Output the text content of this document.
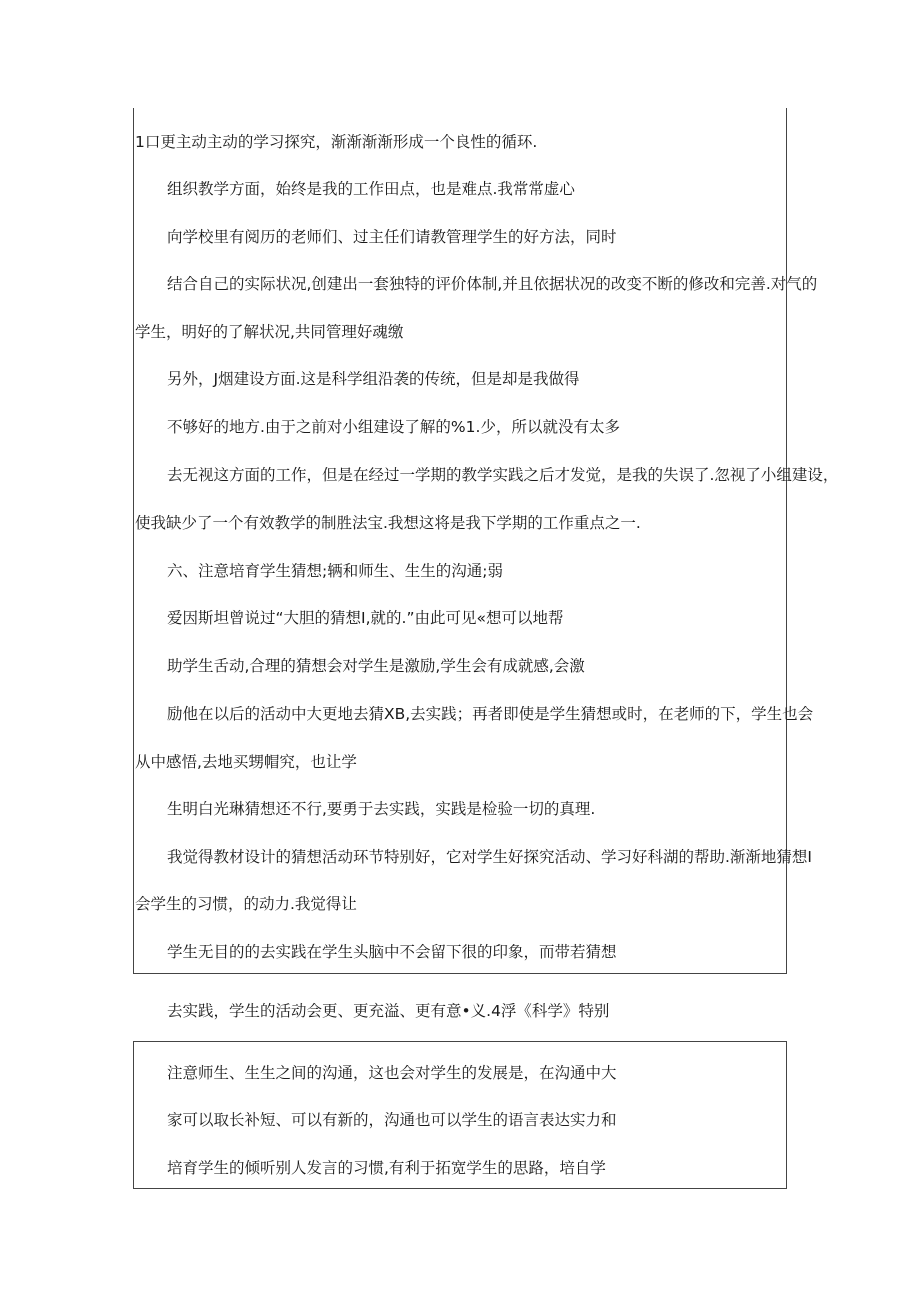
1口更主动主动的学习探究，渐渐渐渐形成一个良性的循环.
组织教学方面，始终是我的工作田点，也是难点.我常常虚心
向学校里有阅历的老师们、过主任们请教管理学生的好方法，同时
结合自己的实际状况,创建出一套独特的评价体制,并且依据状况的改变不断的修改和完善.对气的
学生，明好的了解状况,共同管理好魂缴
另外，J烟建设方面.这是科学组沿袭的传统，但是却是我做得
不够好的地方.由于之前对小组建设了解的%1.少，所以就没有太多
去无视这方面的工作，但是在经过一学期的教学实践之后才发觉，是我的失误了.忽视了小组建设，
使我缺少了一个有效教学的制胜法宝.我想这将是我下学期的工作重点之一.
六、注意培育学生猜想;辆和师生、生生的沟通;弱
爱因斯坦曾说过“大胆的猜想I,就的.”由此可见«想可以地帮
助学生舌动,合理的猜想会对学生是激励,学生会有成就感,会激
励他在以后的活动中大更地去猜XB,去实践；再者即使是学生猜想或时，在老师的下，学生也会
从中感悟,去地买甥帽究，也让学
生明白光琳猜想还不行,要勇于去实践，实践是检验一切的真理.
我觉得教材设计的猜想活动环节特别好，它对学生好探究活动、学习好科湖的帮助.渐渐地猜想I
会学生的习惯，的动力.我觉得让
学生无目的的去实践在学生头脑中不会留下很的印象，而带若猜想
去实践，学生的活动会更、更充溢、更有意•义.4浮《科学》特别
注意师生、生生之间的沟通，这也会对学生的发展是，在沟通中大
家可以取长补短、可以有新的，沟通也可以学生的语言表达实力和
培育学生的倾听别人发言的习惯,有利于拓宽学生的思路，培自学
